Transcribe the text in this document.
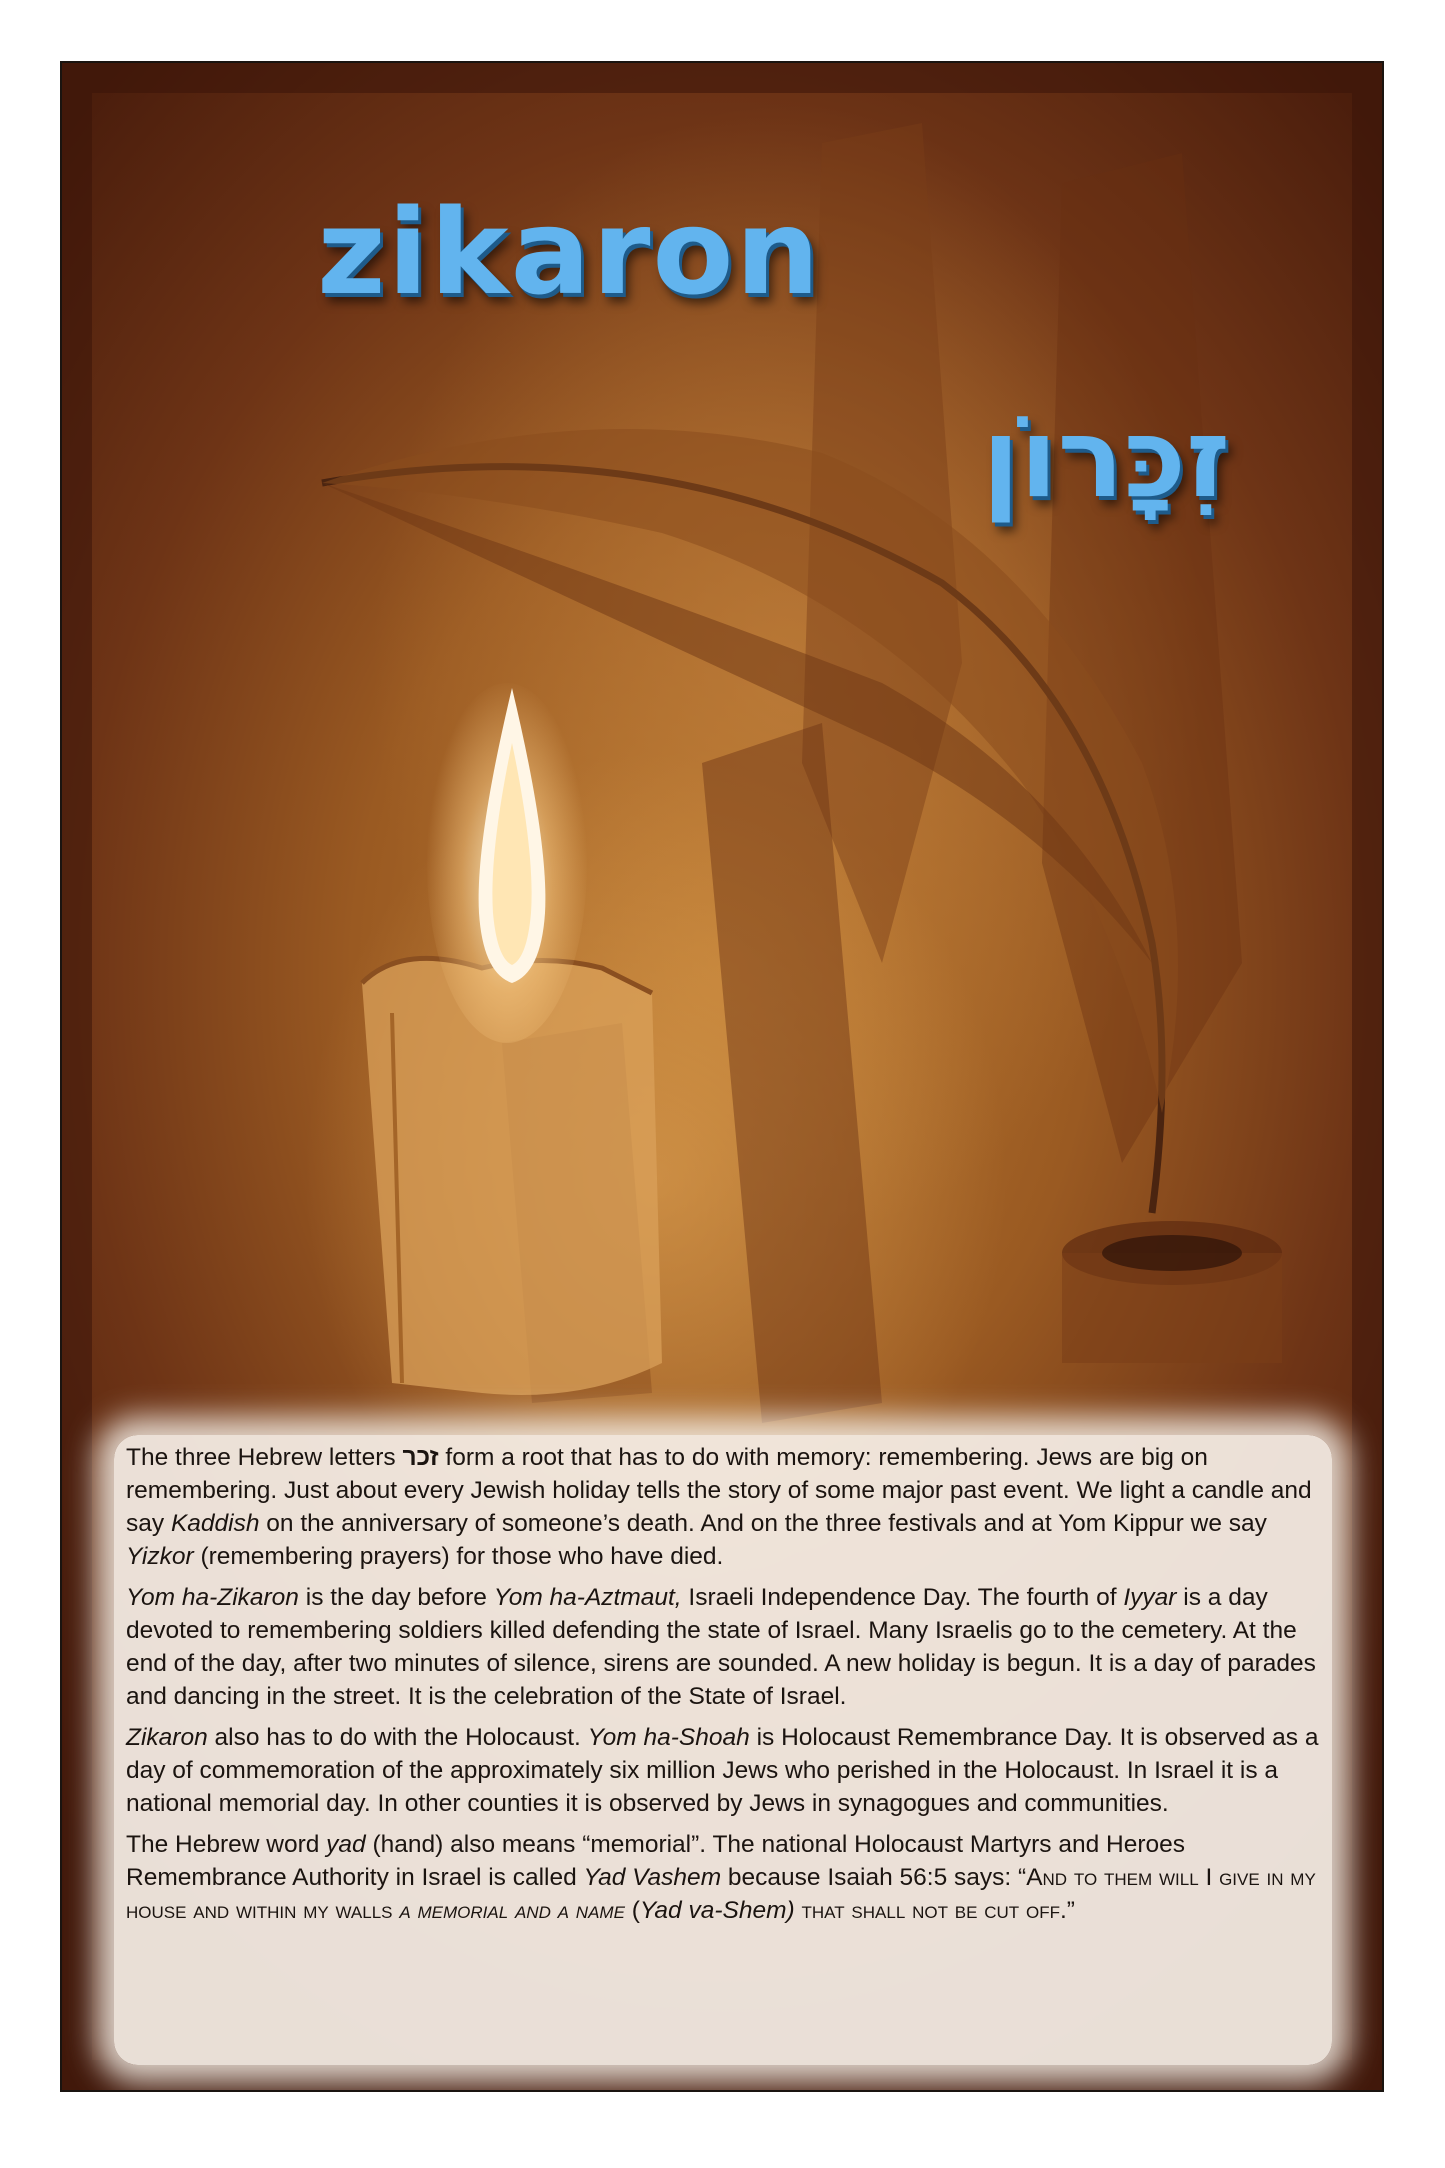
zikaron
זִכָּרוֹן

The three Hebrew letters זכר form a root that has to do with memory: remembering. Jews are big on remembering. Just about every Jewish holiday tells the story of some major past event. We light a candle and say Kaddish on the anniversary of someone’s death. And on the three festivals and at Yom Kippur we say Yizkor (remembering prayers) for those who have died.

Yom ha-Zikaron is the day before Yom ha-Aztmaut, Israeli Independence Day. The fourth of Iyyar is a day devoted to remembering soldiers killed defending the state of Israel. Many Israelis go to the cemetery. At the end of the day, after two minutes of silence, sirens are sounded. A new holiday is begun. It is a day of parades and dancing in the street. It is the celebration of the State of Israel.

Zikaron also has to do with the Holocaust. Yom ha-Shoah is Holocaust Remembrance Day. It is observed as a day of commemoration of the approximately six million Jews who perished in the Holocaust. In Israel it is a national memorial day. In other counties it is observed by Jews in synagogues and communities.

The Hebrew word yad (hand) also means “memorial”. The national Holocaust Martyrs and Heroes Remembrance Authority in Israel is called Yad Vashem because Isaiah 56:5 says: “And to them will I give in my house and within my walls a memorial and a name (Yad va-Shem) that shall not be cut off.”
